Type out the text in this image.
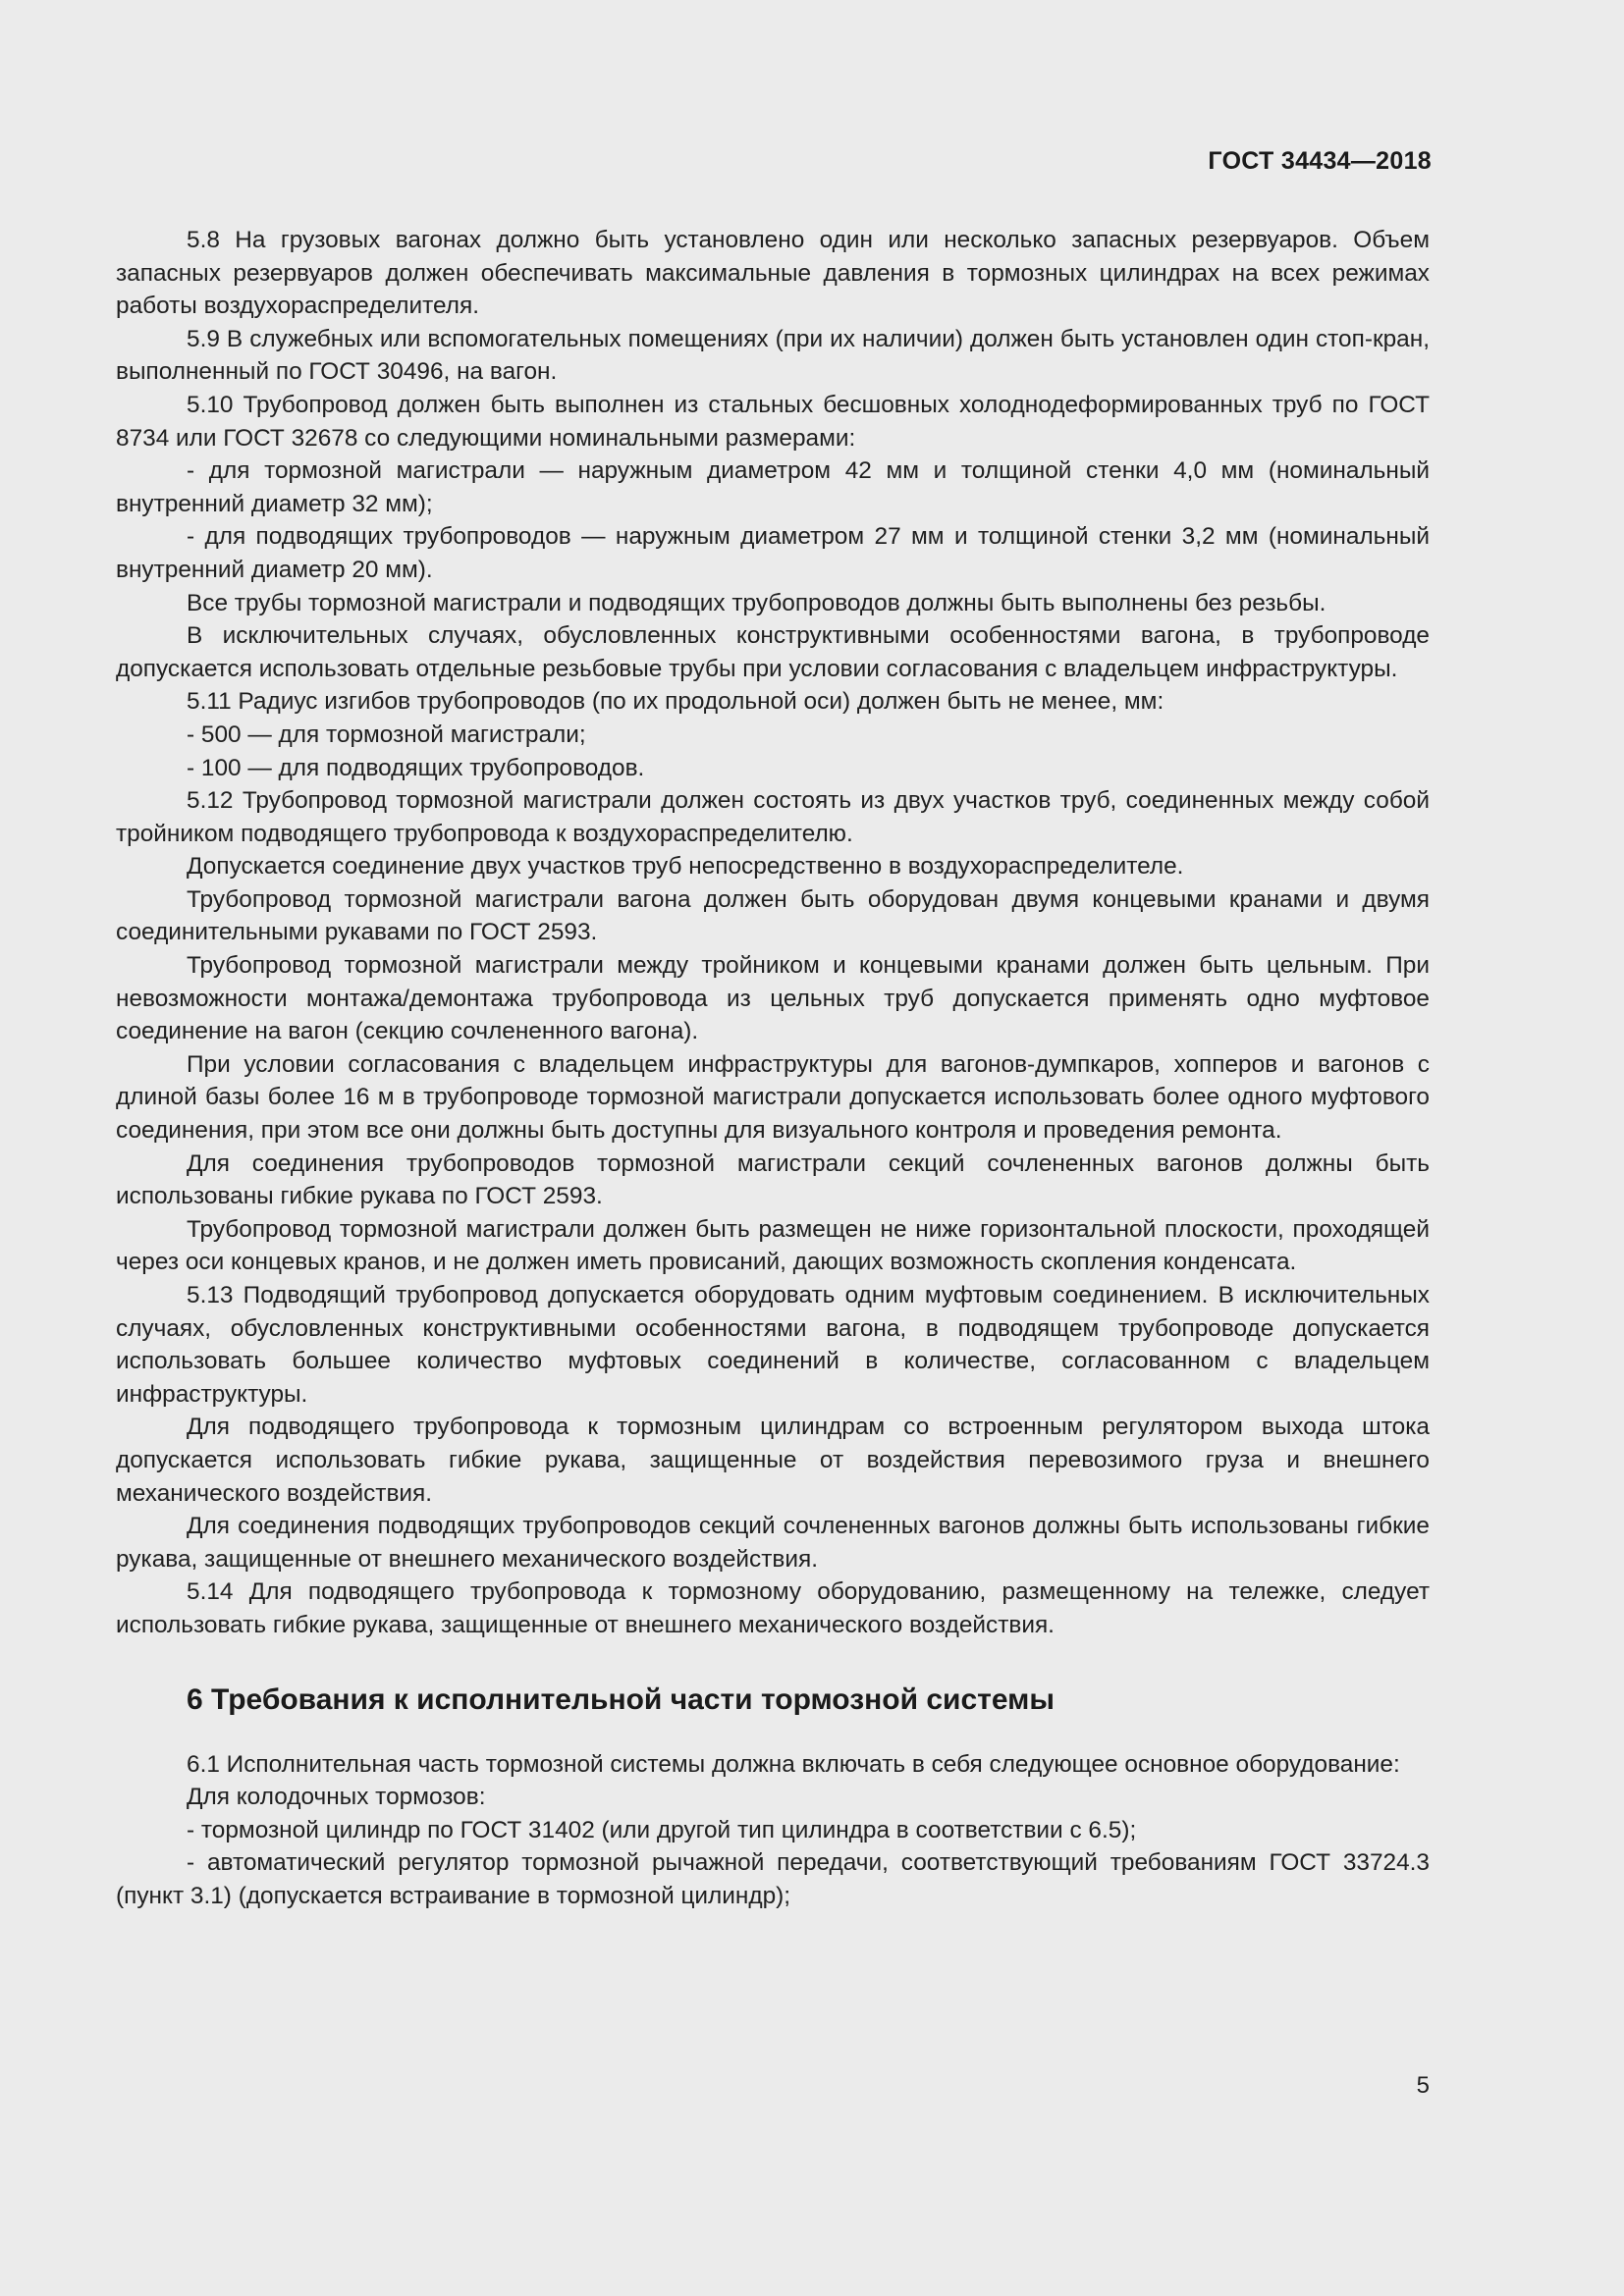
ГОСТ 34434—2018

5.8 На грузовых вагонах должно быть установлено один или несколько запасных резервуаров. Объем запасных резервуаров должен обеспечивать максимальные давления в тормозных цилиндрах на всех режимах работы воздухораспределителя.

5.9 В служебных или вспомогательных помещениях (при их наличии) должен быть установлен один стоп-кран, выполненный по ГОСТ 30496, на вагон.

5.10 Трубопровод должен быть выполнен из стальных бесшовных холоднодеформированных труб по ГОСТ 8734 или ГОСТ 32678 со следующими номинальными размерами:

- для тормозной магистрали — наружным диаметром 42 мм и толщиной стенки 4,0 мм (номинальный внутренний диаметр 32 мм);

- для подводящих трубопроводов — наружным диаметром 27 мм и толщиной стенки 3,2 мм (номинальный внутренний диаметр 20 мм).

Все трубы тормозной магистрали и подводящих трубопроводов должны быть выполнены без резьбы.

В исключительных случаях, обусловленных конструктивными особенностями вагона, в трубопроводе допускается использовать отдельные резьбовые трубы при условии согласования с владельцем инфраструктуры.

5.11 Радиус изгибов трубопроводов (по их продольной оси) должен быть не менее, мм:

- 500 — для тормозной магистрали;

- 100 — для подводящих трубопроводов.

5.12 Трубопровод тормозной магистрали должен состоять из двух участков труб, соединенных между собой тройником подводящего трубопровода к воздухораспределителю.

Допускается соединение двух участков труб непосредственно в воздухораспределителе.

Трубопровод тормозной магистрали вагона должен быть оборудован двумя концевыми кранами и двумя соединительными рукавами по ГОСТ 2593.

Трубопровод тормозной магистрали между тройником и концевыми кранами должен быть цельным. При невозможности монтажа/демонтажа трубопровода из цельных труб допускается применять одно муфтовое соединение на вагон (секцию сочлененного вагона).

При условии согласования с владельцем инфраструктуры для вагонов-думпкаров, хопперов и вагонов с длиной базы более 16 м в трубопроводе тормозной магистрали допускается использовать более одного муфтового соединения, при этом все они должны быть доступны для визуального контроля и проведения ремонта.

Для соединения трубопроводов тормозной магистрали секций сочлененных вагонов должны быть использованы гибкие рукава по ГОСТ 2593.

Трубопровод тормозной магистрали должен быть размещен не ниже горизонтальной плоскости, проходящей через оси концевых кранов, и не должен иметь провисаний, дающих возможность скопления конденсата.

5.13 Подводящий трубопровод допускается оборудовать одним муфтовым соединением. В исключительных случаях, обусловленных конструктивными особенностями вагона, в подводящем трубопроводе допускается использовать большее количество муфтовых соединений в количестве, согласованном с владельцем инфраструктуры.

Для подводящего трубопровода к тормозным цилиндрам со встроенным регулятором выхода штока допускается использовать гибкие рукава, защищенные от воздействия перевозимого груза и внешнего механического воздействия.

Для соединения подводящих трубопроводов секций сочлененных вагонов должны быть использованы гибкие рукава, защищенные от внешнего механического воздействия.

5.14 Для подводящего трубопровода к тормозному оборудованию, размещенному на тележке, следует использовать гибкие рукава, защищенные от внешнего механического воздействия.

6 Требования к исполнительной части тормозной системы

6.1 Исполнительная часть тормозной системы должна включать в себя следующее основное оборудование:

Для колодочных тормозов:

- тормозной цилиндр по ГОСТ 31402 (или другой тип цилиндра в соответствии с 6.5);

- автоматический регулятор тормозной рычажной передачи, соответствующий требованиям ГОСТ 33724.3 (пункт 3.1) (допускается встраивание в тормозной цилиндр);

5
